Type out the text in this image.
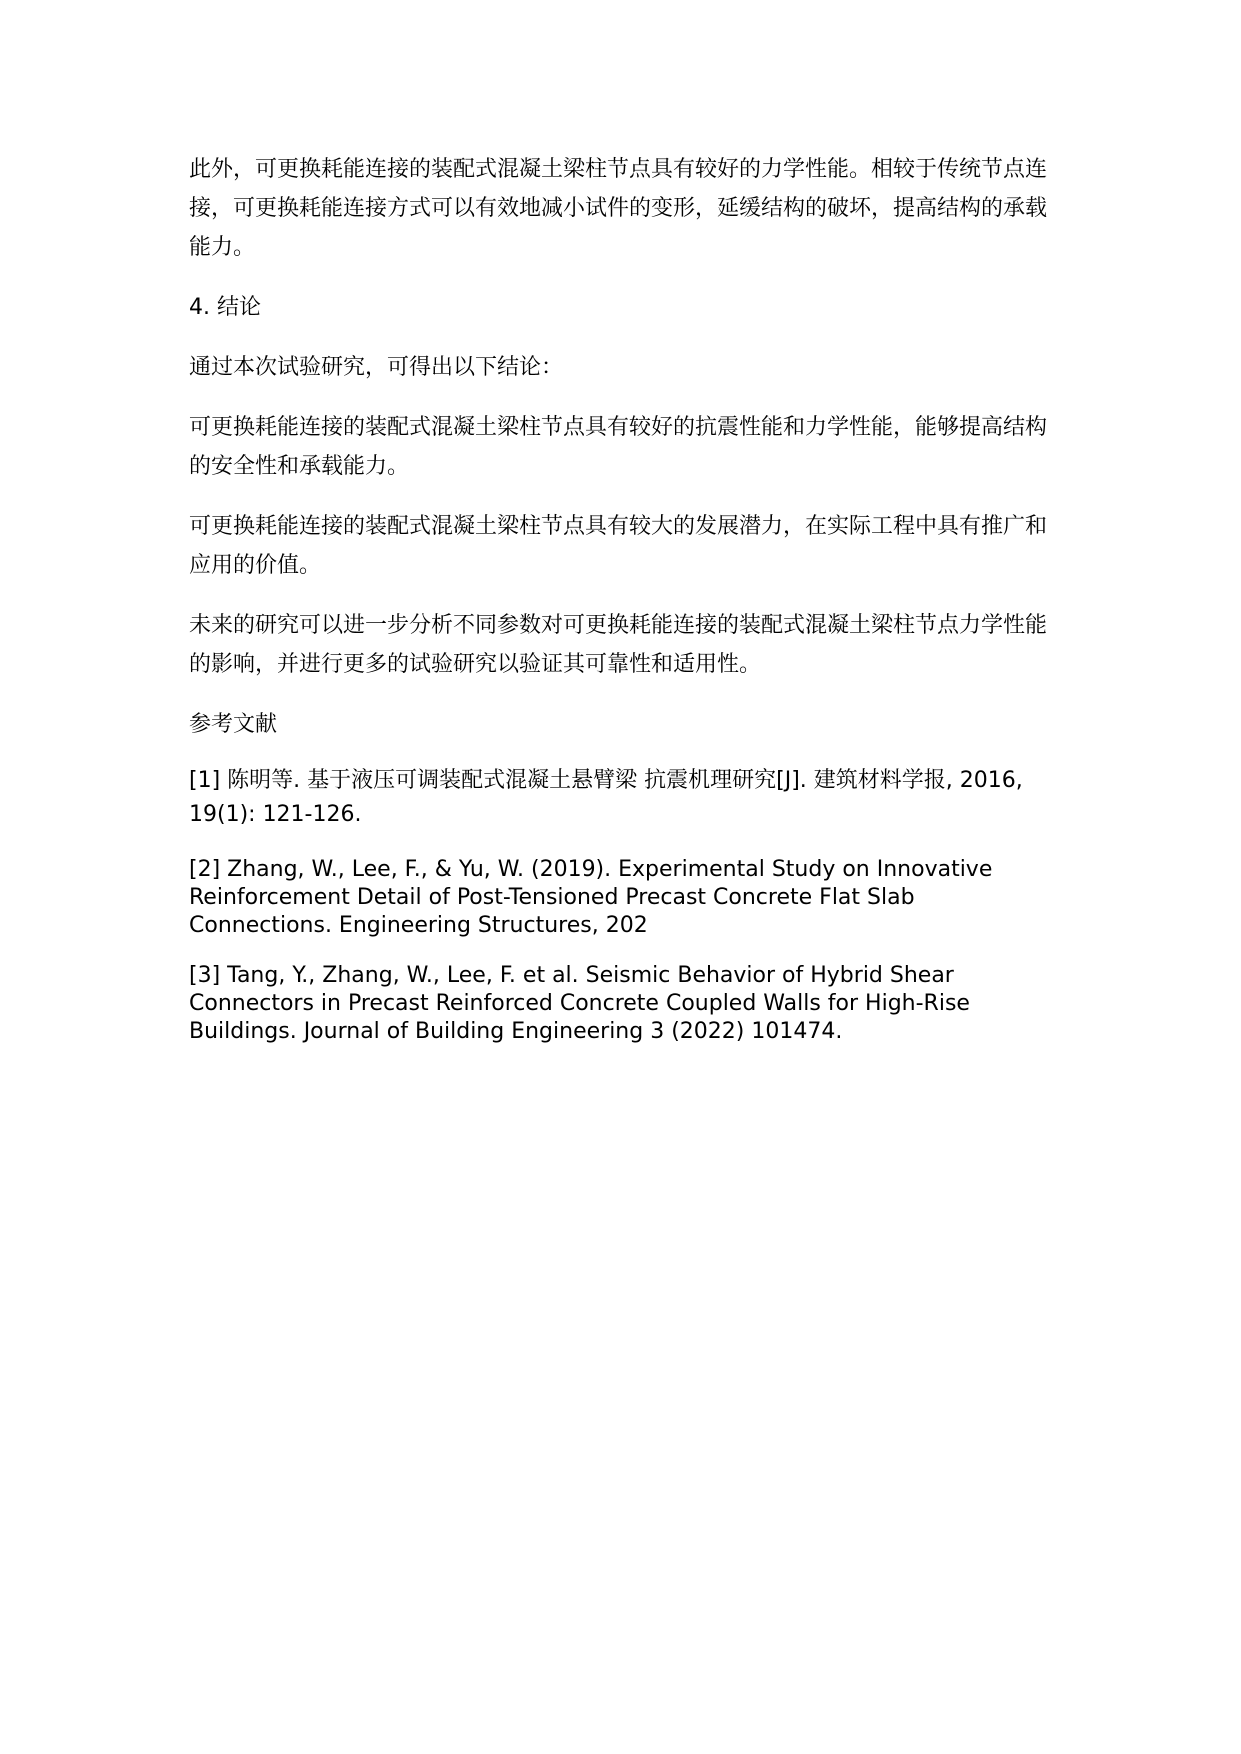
此外，可更换耗能连接的装配式混凝土梁柱节点具有较好的力学性能。相较于传统节点连接，可更换耗能连接方式可以有效地减小试件的变形，延缓结构的破坏，提高结构的承载能力。

4. 结论

通过本次试验研究，可得出以下结论：

可更换耗能连接的装配式混凝土梁柱节点具有较好的抗震性能和力学性能，能够提高结构的安全性和承载能力。

可更换耗能连接的装配式混凝土梁柱节点具有较大的发展潜力，在实际工程中具有推广和应用的价值。

未来的研究可以进一步分析不同参数对可更换耗能连接的装配式混凝土梁柱节点力学性能的影响，并进行更多的试验研究以验证其可靠性和适用性。

参考文献

[1] 陈明等. 基于液压可调装配式混凝土悬臂梁 抗震机理研究[J]. 建筑材料学报, 2016, 19(1): 121-126.

[2] Zhang, W., Lee, F., & Yu, W. (2019). Experimental Study on Innovative Reinforcement Detail of Post-Tensioned Precast Concrete Flat Slab Connections. Engineering Structures, 202

[3] Tang, Y., Zhang, W., Lee, F. et al. Seismic Behavior of Hybrid Shear Connectors in Precast Reinforced Concrete Coupled Walls for High-Rise Buildings. Journal of Building Engineering 3 (2022) 101474.
